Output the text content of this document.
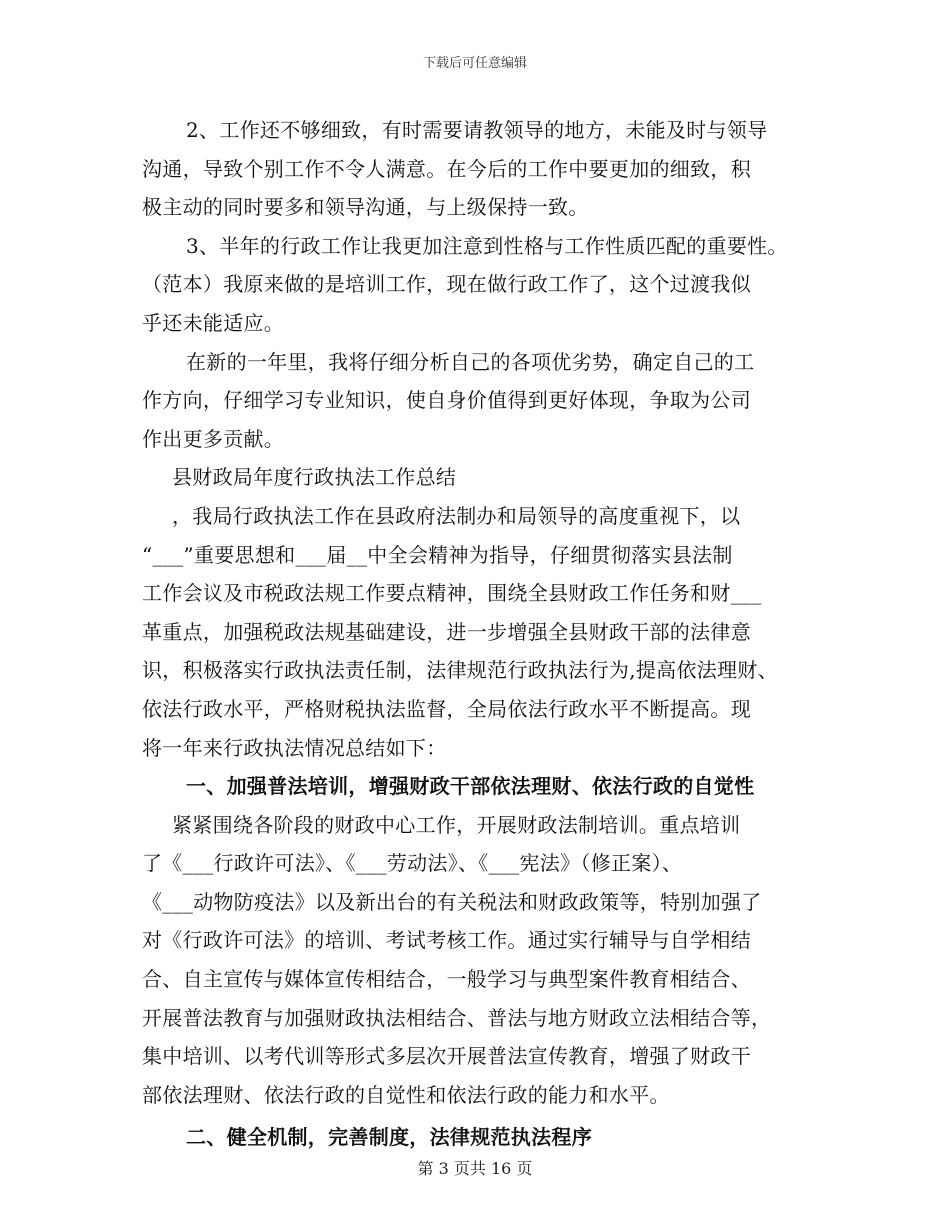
下载后可任意编辑
2、工作还不够细致，有时需要请教领导的地方，未能及时与领导
沟通，导致个别工作不令人满意。在今后的工作中要更加的细致，积
极主动的同时要多和领导沟通，与上级保持一致。
3、半年的行政工作让我更加注意到性格与工作性质匹配的重要性。
（范本）我原来做的是培训工作，现在做行政工作了，这个过渡我似
乎还未能适应。
在新的一年里，我将仔细分析自己的各项优劣势，确定自己的工
作方向，仔细学习专业知识，使自身价值得到更好体现，争取为公司
作出更多贡献。
县财政局年度行政执法工作总结
，我局行政执法工作在县政府法制办和局领导的高度重视下，以
“___”重要思想和___届__中全会精神为指导，仔细贯彻落实县法制
工作会议及市税政法规工作要点精神，围绕全县财政工作任务和财___
革重点，加强税政法规基础建设，进一步增强全县财政干部的法律意
识，积极落实行政执法责任制，法律规范行政执法行为,提高依法理财、
依法行政水平，严格财税执法监督，全局依法行政水平不断提高。现
将一年来行政执法情况总结如下：
一、加强普法培训，增强财政干部依法理财、依法行政的自觉性
紧紧围绕各阶段的财政中心工作，开展财政法制培训。重点培训
了《___行政许可法》、《___劳动法》、《___宪法》（修正案）、
《___动物防疫法》以及新出台的有关税法和财政政策等，特别加强了
对《行政许可法》的培训、考试考核工作。通过实行辅导与自学相结
合、自主宣传与媒体宣传相结合，一般学习与典型案件教育相结合、
开展普法教育与加强财政执法相结合、普法与地方财政立法相结合等，
集中培训、以考代训等形式多层次开展普法宣传教育，增强了财政干
部依法理财、依法行政的自觉性和依法行政的能力和水平。
二、健全机制，完善制度，法律规范执法程序
第 3 页共 16 页
